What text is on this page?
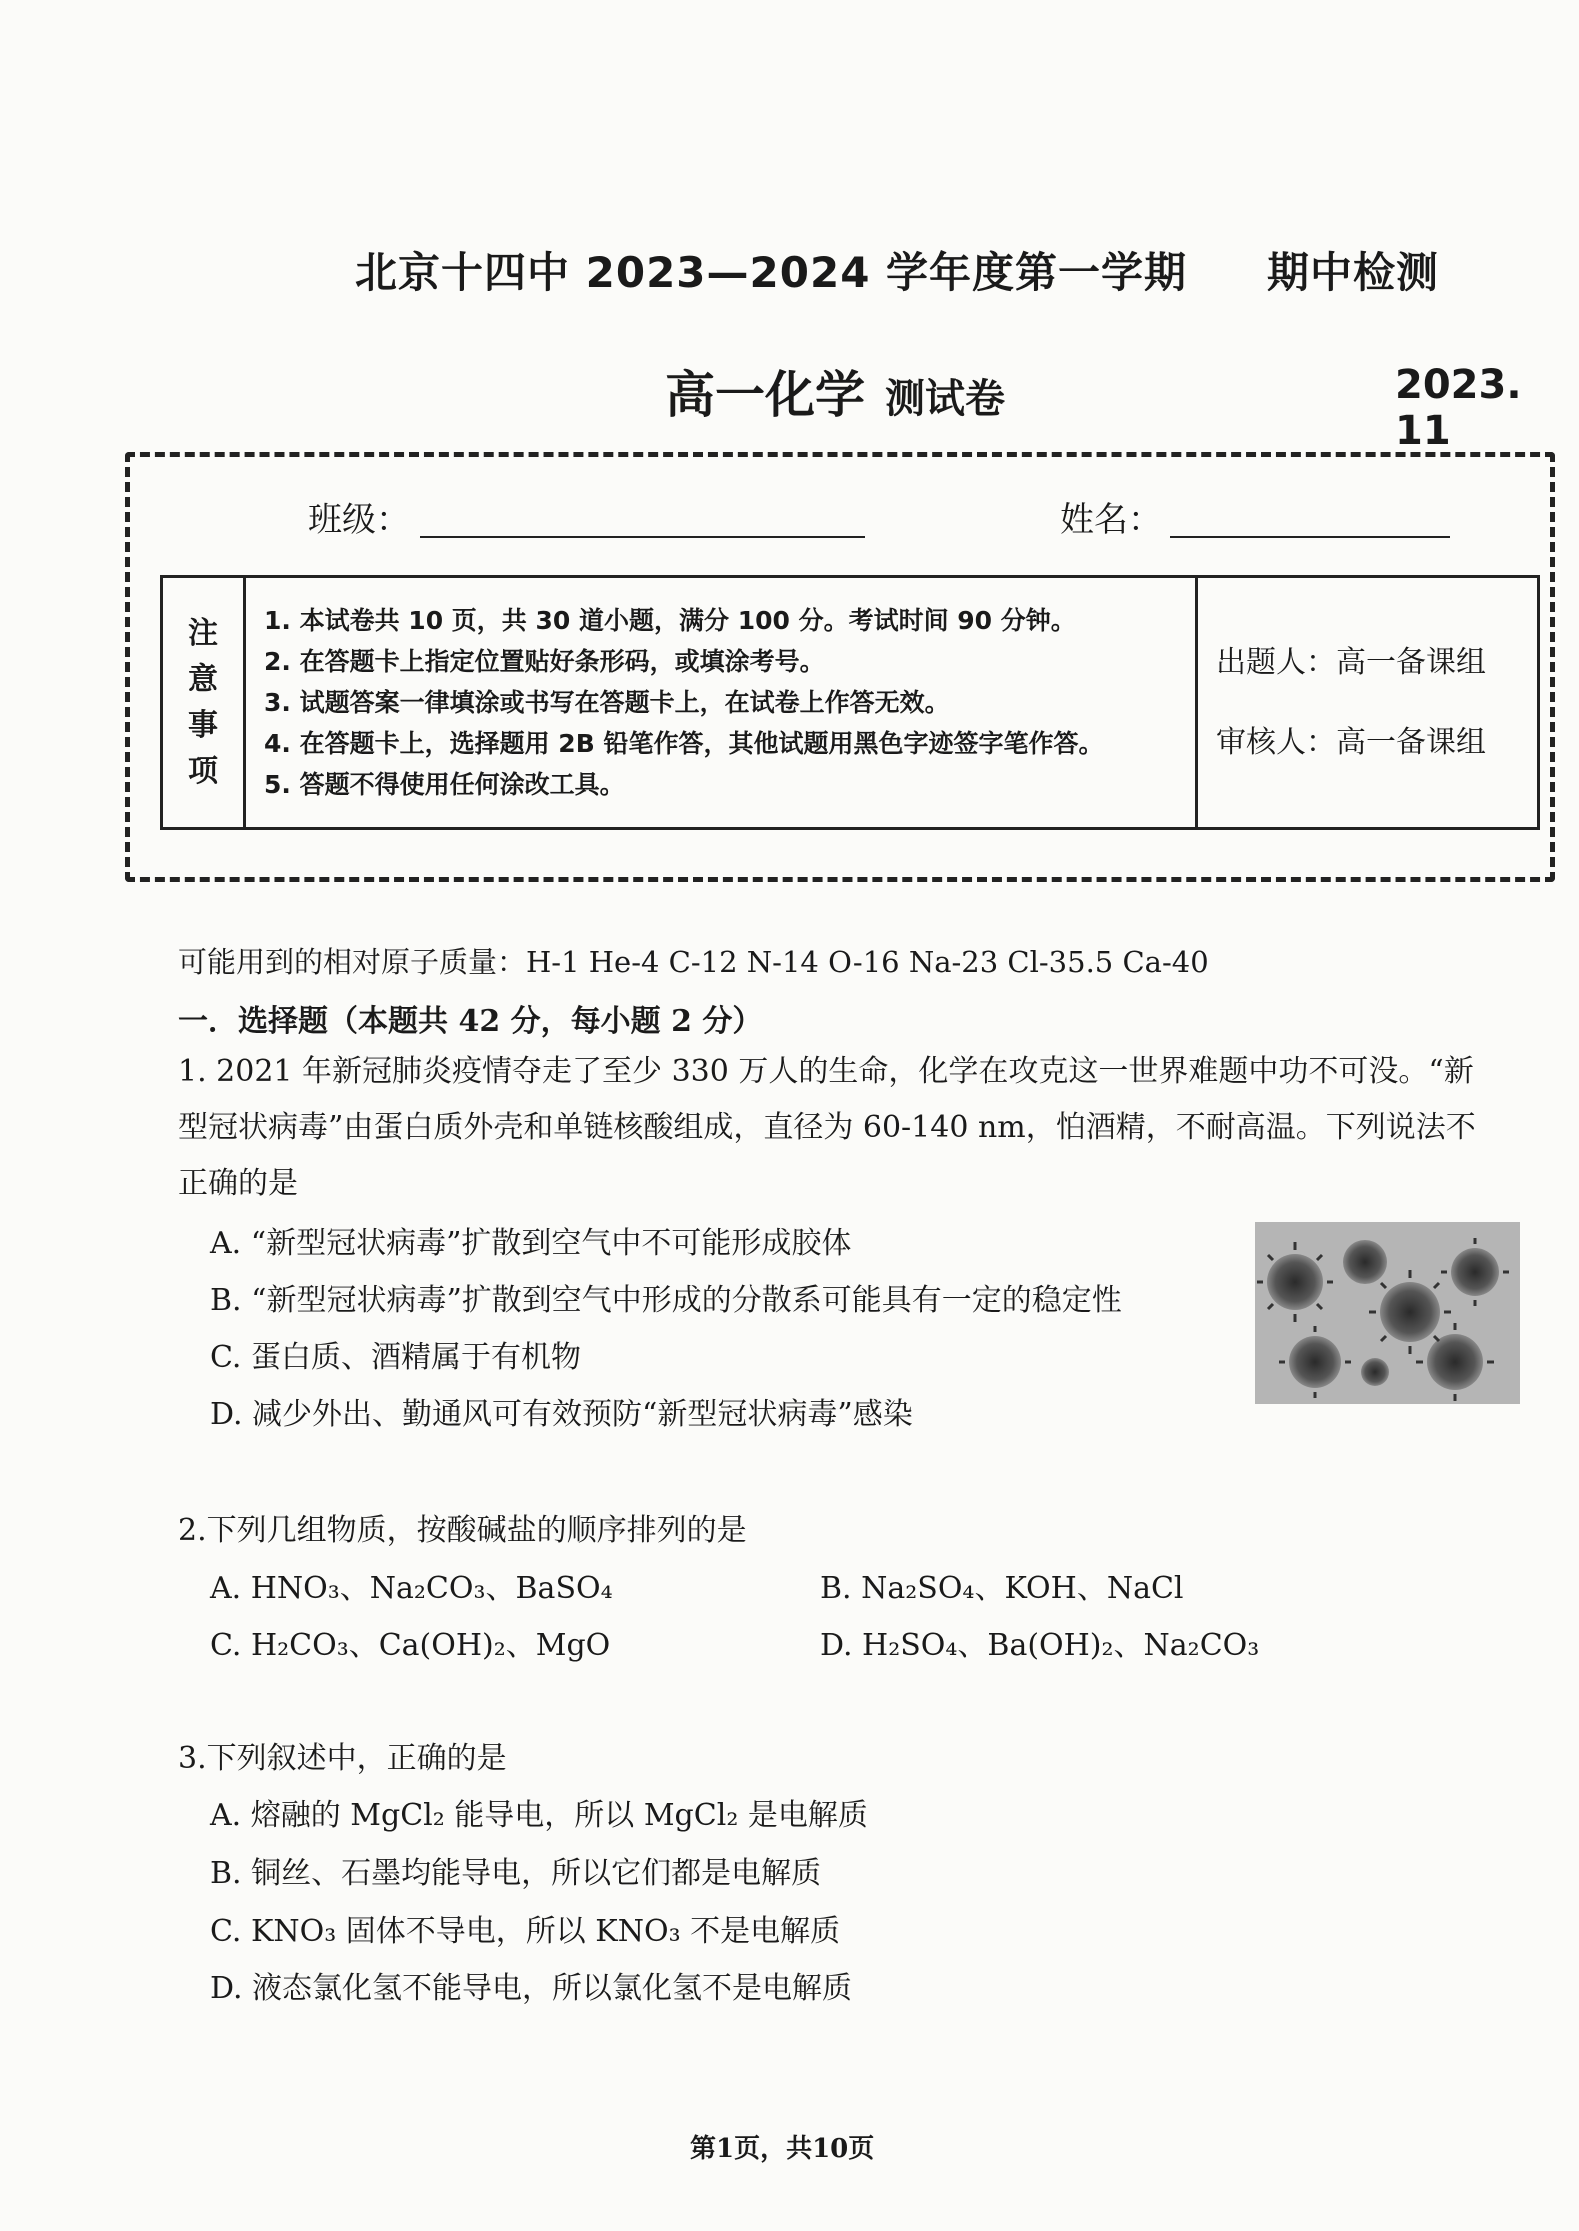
北京十四中 2023—2024 学年度第一学期 期中检测
高一化学 测试卷	2023. 11
班级：	姓名：
注
意
事
项

1. 本试卷共 10 页，共 30 道小题，满分 100 分。考试时间 90 分钟。
2. 在答题卡上指定位置贴好条形码，或填涂考号。
3. 试题答案一律填涂或书写在答题卡上，在试卷上作答无效。
4. 在答题卡上，选择题用 2B 铅笔作答，其他试题用黑色字迹签字笔作答。
5. 答题不得使用任何涂改工具。

出题人：高一备课组
审核人：高一备课组
可能用到的相对原子质量：H-1 He-4 C-12 N-14 O-16 Na-23 Cl-35.5 Ca-40
一．选择题（本题共 42 分，每小题 2 分）
1. 2021 年新冠肺炎疫情夺走了至少 330 万人的生命，化学在攻克这一世界难题中功不可没。“新
型冠状病毒”由蛋白质外壳和单链核酸组成，直径为 60-140 nm，怕酒精，不耐高温。下列说法不
正确的是
A. “新型冠状病毒”扩散到空气中不可能形成胶体
B. “新型冠状病毒”扩散到空气中形成的分散系可能具有一定的稳定性
C. 蛋白质、酒精属于有机物
D. 减少外出、勤通风可有效预防“新型冠状病毒”感染
2.下列几组物质，按酸碱盐的顺序排列的是
A. HNO₃、Na₂CO₃、BaSO₄	B. Na₂SO₄、KOH、NaCl
C. H₂CO₃、Ca(OH)₂、MgO	D. H₂SO₄、Ba(OH)₂、Na₂CO₃
3.下列叙述中，正确的是
A. 熔融的 MgCl₂ 能导电，所以 MgCl₂ 是电解质
B. 铜丝、石墨均能导电，所以它们都是电解质
C. KNO₃ 固体不导电，所以 KNO₃ 不是电解质
D. 液态氯化氢不能导电，所以氯化氢不是电解质
第1页，共10页
